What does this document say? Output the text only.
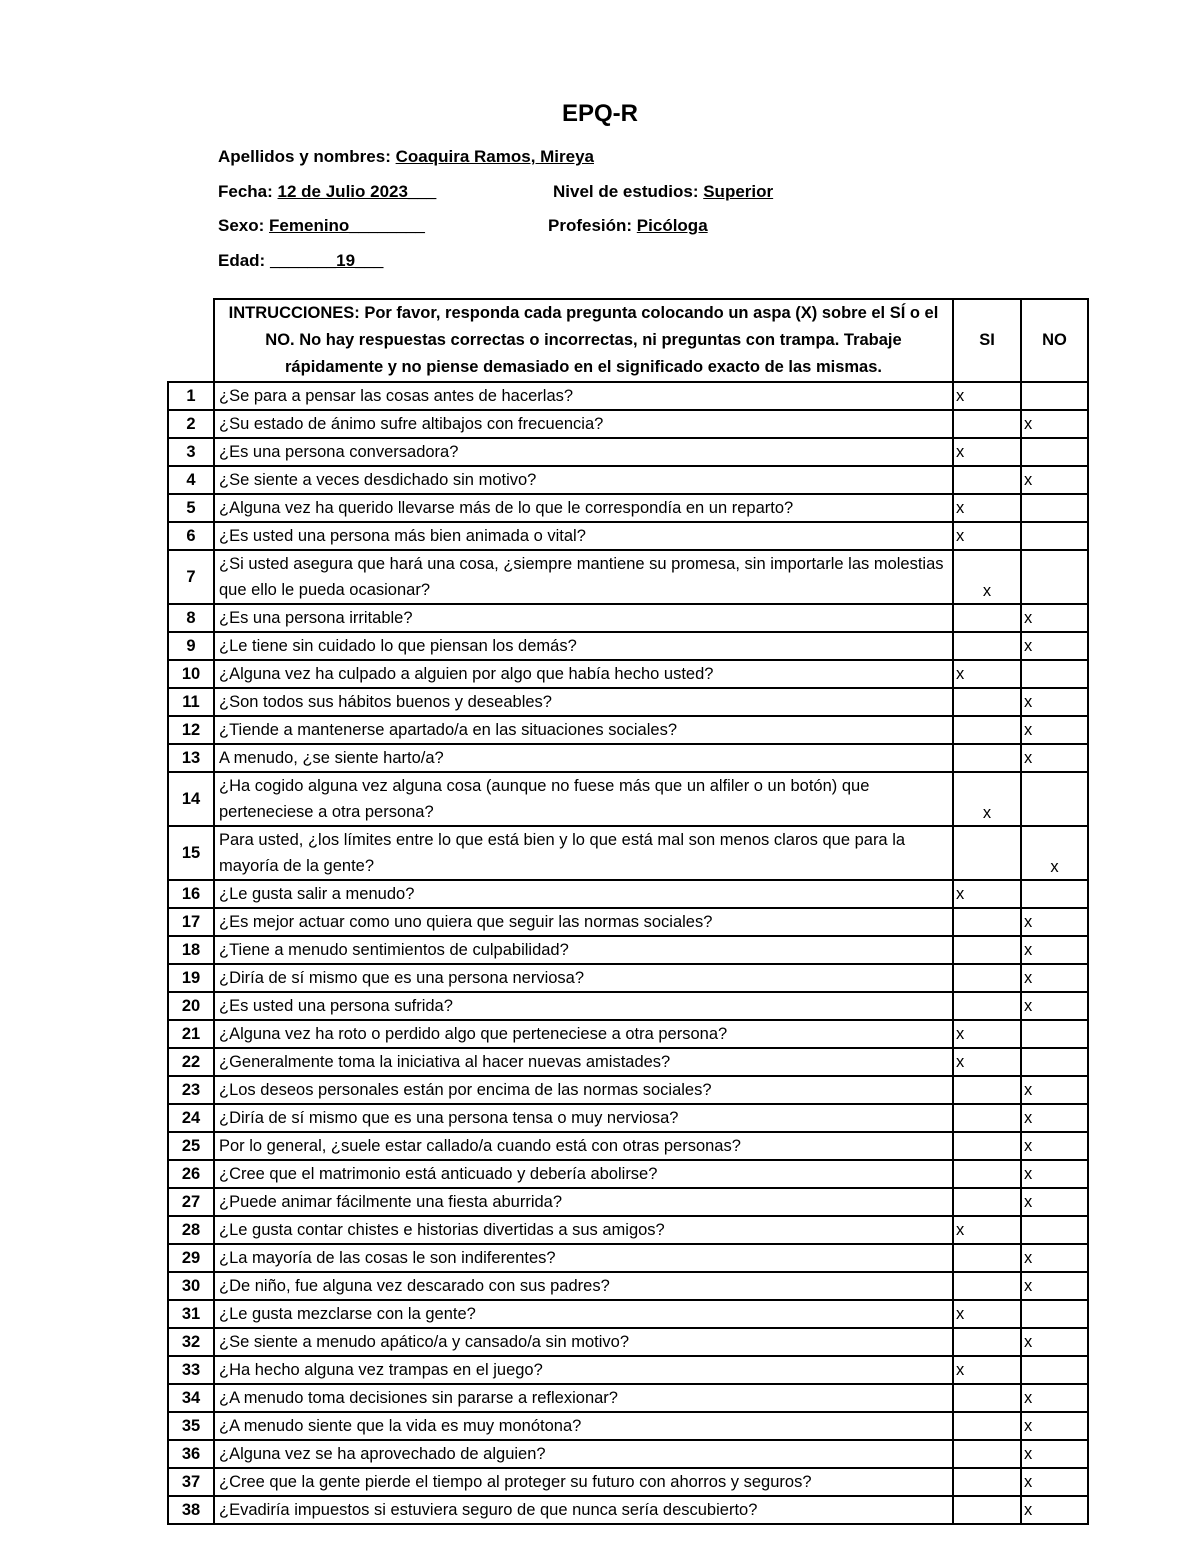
EPQ-R
Apellidos y nombres: Coaquira Ramos, Mireya
Fecha: 12 de Julio 2023___	Nivel de estudios: Superior
Sexo: Femenino________	Profesión: Picóloga
Edad: _______19___
	INTRUCCIONES: Por favor, responda cada pregunta colocando un aspa (X) sobre el SÍ o el NO. No hay respuestas correctas o incorrectas, ni preguntas con trampa. Trabaje rápidamente y no piense demasiado en el significado exacto de las mismas.	SI	NO
1	¿Se para a pensar las cosas antes de hacerlas?	x	
2	¿Su estado de ánimo sufre altibajos con frecuencia?		x
3	¿Es una persona conversadora?	x	
4	¿Se siente a veces desdichado sin motivo?		x
5	¿Alguna vez ha querido llevarse más de lo que le correspondía en un reparto?	x	
6	¿Es usted una persona más bien animada o vital?	x	
7	¿Si usted asegura que hará una cosa, ¿siempre mantiene su promesa, sin importarle las molestias que ello le pueda ocasionar?	x	
8	¿Es una persona irritable?		x
9	¿Le tiene sin cuidado lo que piensan los demás?		x
10	¿Alguna vez ha culpado a alguien por algo que había hecho usted?	x	
11	¿Son todos sus hábitos buenos y deseables?		x
12	¿Tiende a mantenerse apartado/a en las situaciones sociales?		x
13	A menudo, ¿se siente harto/a?		x
14	¿Ha cogido alguna vez alguna cosa (aunque no fuese más que un alfiler o un botón) que perteneciese a otra persona?	x	
15	Para usted, ¿los límites entre lo que está bien y lo que está mal son menos claros que para la mayoría de la gente?		x
16	¿Le gusta salir a menudo?	x	
17	¿Es mejor actuar como uno quiera que seguir las normas sociales?		x
18	¿Tiene a menudo sentimientos de culpabilidad?		x
19	¿Diría de sí mismo que es una persona nerviosa?		x
20	¿Es usted una persona sufrida?		x
21	¿Alguna vez ha roto o perdido algo que perteneciese a otra persona?	x	
22	¿Generalmente toma la iniciativa al hacer nuevas amistades?	x	
23	¿Los deseos personales están por encima de las normas sociales?		x
24	¿Diría de sí mismo que es una persona tensa o muy nerviosa?		x
25	Por lo general, ¿suele estar callado/a cuando está con otras personas?		x
26	¿Cree que el matrimonio está anticuado y debería abolirse?		x
27	¿Puede animar fácilmente una fiesta aburrida?		x
28	¿Le gusta contar chistes e historias divertidas a sus amigos?	x	
29	¿La mayoría de las cosas le son indiferentes?		x
30	¿De niño, fue alguna vez descarado con sus padres?		x
31	¿Le gusta mezclarse con la gente?	x	
32	¿Se siente a menudo apático/a y cansado/a sin motivo?		x
33	¿Ha hecho alguna vez trampas en el juego?	x	
34	¿A menudo toma decisiones sin pararse a reflexionar?		x
35	¿A menudo siente que la vida es muy monótona?		x
36	¿Alguna vez se ha aprovechado de alguien?		x
37	¿Cree que la gente pierde el tiempo al proteger su futuro con ahorros y seguros?		x
38	¿Evadiría impuestos si estuviera seguro de que nunca sería descubierto?		x
